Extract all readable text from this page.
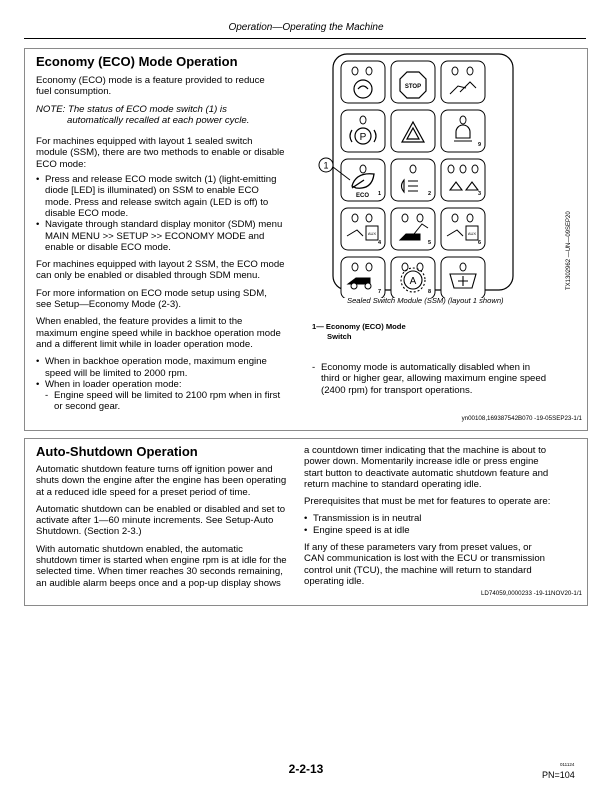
Operation—Operating the Machine
Economy (ECO) Mode Operation

Economy (ECO) mode is a feature provided to reduce
fuel consumption.

NOTE: The status of ECO mode switch (1) is
automatically recalled at each power cycle.

For machines equipped with layout 1 sealed switch
module (SSM), there are two methods to enable or disable
ECO mode:

• Press and release ECO mode switch (1) (light-emitting
diode [LED] is illuminated) on SSM to enable ECO
mode. Press and release switch again (LED is off) to
disable ECO mode.
• Navigate through standard display monitor (SDM) menu
MAIN MENU >> SETUP >> ECONOMY MODE and
enable or disable ECO mode.

For machines equipped with layout 2 SSM, the ECO mode
can only be enabled or disabled through SDM menu.

For more information on ECO mode setup using SDM,
see Setup—Economy Mode (2-3).

When enabled, the feature provides a limit to the
maximum engine speed while in backhoe operation mode
and a different limit while in loader operation mode.

• When in backhoe operation mode, maximum engine
speed will be limited to 2000 rpm.
• When in loader operation mode:
- Engine speed will be limited to 2100 rpm when in first
or second gear.
STOP
P
ECO
AUX	AUX
A
1	2	3
4	5	6
7	8
9
1
TX1302962 —UN—09SEP20
Sealed Switch Module (SSM) (layout 1 shown)
1— Economy (ECO) Mode
Switch
- Economy mode is automatically disabled when in
third or higher gear, allowing maximum engine speed
(2400 rpm) for transport operations.
yn00108,169387542B070 -19-05SEP23-1/1
Auto-Shutdown Operation

Automatic shutdown feature turns off ignition power and
shuts down the engine after the engine has been operating
at a reduced idle speed for a preset period of time.

Automatic shutdown can be enabled or disabled and set to
activate after 1—60 minute increments. See Setup-Auto
Shutdown. (Section 2-3.)

With automatic shutdown enabled, the automatic
shutdown timer is started when engine rpm is at idle for the
selected time. When timer reaches 30 seconds remaining,
an audible alarm beeps once and a pop-up display shows

a countdown timer indicating that the machine is about to
power down. Momentarily increase idle or press engine
start button to deactivate automatic shutdown feature and
return machine to standard operating idle.

Prerequisites that must be met for features to operate are:

• Transmission is in neutral
• Engine speed is at idle

If any of these parameters vary from preset values, or
CAN communication is lost with the ECU or transmission
control unit (TCU), the machine will return to standard
operating idle.

LD74059,0000233 -19-11NOV20-1/1
2-2-13	011124
PN=104
